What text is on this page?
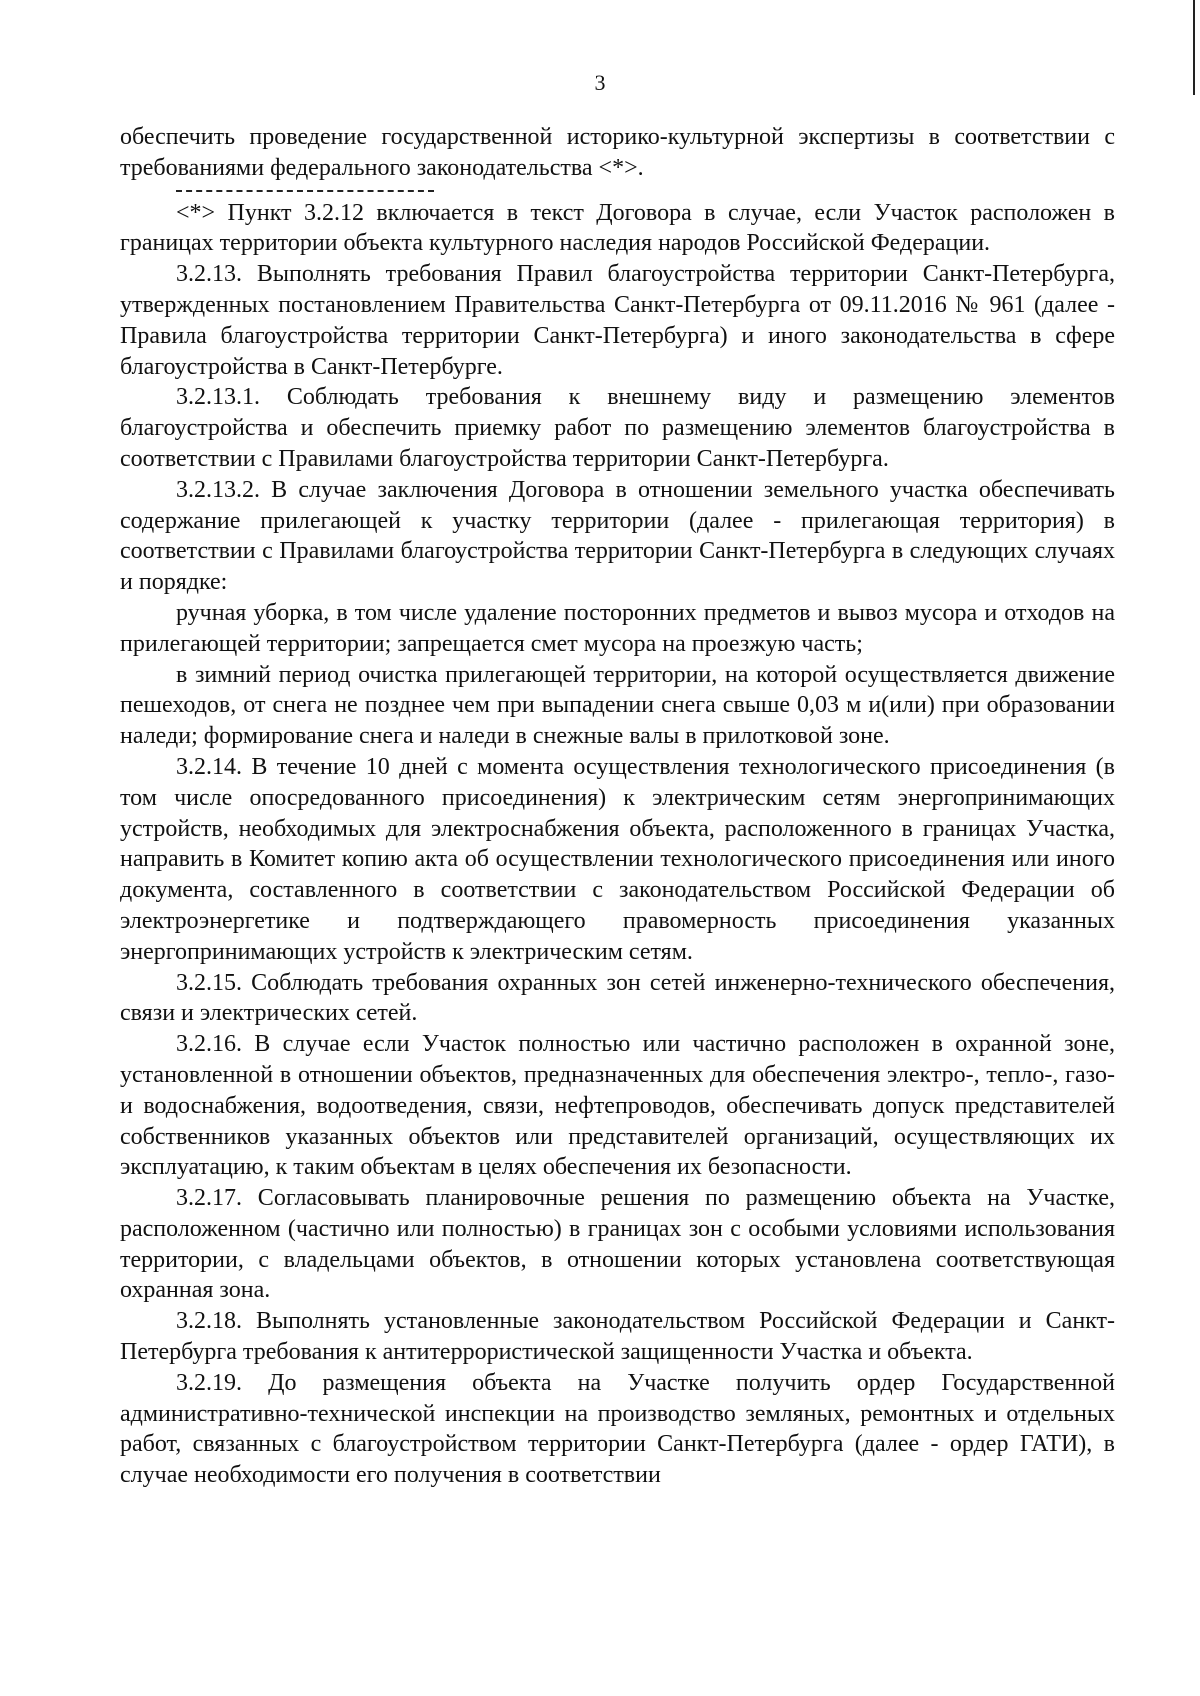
3

обеспечить проведение государственной историко-культурной экспертизы в соответствии с требованиями федерального законодательства <*>.

<*> Пункт 3.2.12 включается в текст Договора в случае, если Участок расположен в границах территории объекта культурного наследия народов Российской Федерации.

3.2.13. Выполнять требования Правил благоустройства территории Санкт-Петербурга, утвержденных постановлением Правительства Санкт-Петербурга от 09.11.2016 № 961 (далее - Правила благоустройства территории Санкт-Петербурга) и иного законодательства в сфере благоустройства в Санкт-Петербурге.

3.2.13.1. Соблюдать требования к внешнему виду и размещению элементов благоустройства и обеспечить приемку работ по размещению элементов благоустройства в соответствии с Правилами благоустройства территории Санкт-Петербурга.

3.2.13.2. В случае заключения Договора в отношении земельного участка обеспечивать содержание прилегающей к участку территории (далее - прилегающая территория) в соответствии с Правилами благоустройства территории Санкт-Петербурга в следующих случаях и порядке:

ручная уборка, в том числе удаление посторонних предметов и вывоз мусора и отходов на прилегающей территории; запрещается смет мусора на проезжую часть;

в зимний период очистка прилегающей территории, на которой осуществляется движение пешеходов, от снега не позднее чем при выпадении снега свыше 0,03 м и(или) при образовании наледи; формирование снега и наледи в снежные валы в прилотковой зоне.

3.2.14. В течение 10 дней с момента осуществления технологического присоединения (в том числе опосредованного присоединения) к электрическим сетям энергопринимающих устройств, необходимых для электроснабжения объекта, расположенного в границах Участка, направить в Комитет копию акта об осуществлении технологического присоединения или иного документа, составленного в соответствии с законодательством Российской Федерации об электроэнергетике и подтверждающего правомерность присоединения указанных энергопринимающих устройств к электрическим сетям.

3.2.15. Соблюдать требования охранных зон сетей инженерно-технического обеспечения, связи и электрических сетей.

3.2.16. В случае если Участок полностью или частично расположен в охранной зоне, установленной в отношении объектов, предназначенных для обеспечения электро-, тепло-, газо- и водоснабжения, водоотведения, связи, нефтепроводов, обеспечивать допуск представителей собственников указанных объектов или представителей организаций, осуществляющих их эксплуатацию, к таким объектам в целях обеспечения их безопасности.

3.2.17. Согласовывать планировочные решения по размещению объекта на Участке, расположенном (частично или полностью) в границах зон с особыми условиями использования территории, с владельцами объектов, в отношении которых установлена соответствующая охранная зона.

3.2.18. Выполнять установленные законодательством Российской Федерации и Санкт-Петербурга требования к антитеррористической защищенности Участка и объекта.

3.2.19. До размещения объекта на Участке получить ордер Государственной административно-технической инспекции на производство земляных, ремонтных и отдельных работ, связанных с благоустройством территории Санкт-Петербурга (далее - ордер ГАТИ), в случае необходимости его получения в соответствии
